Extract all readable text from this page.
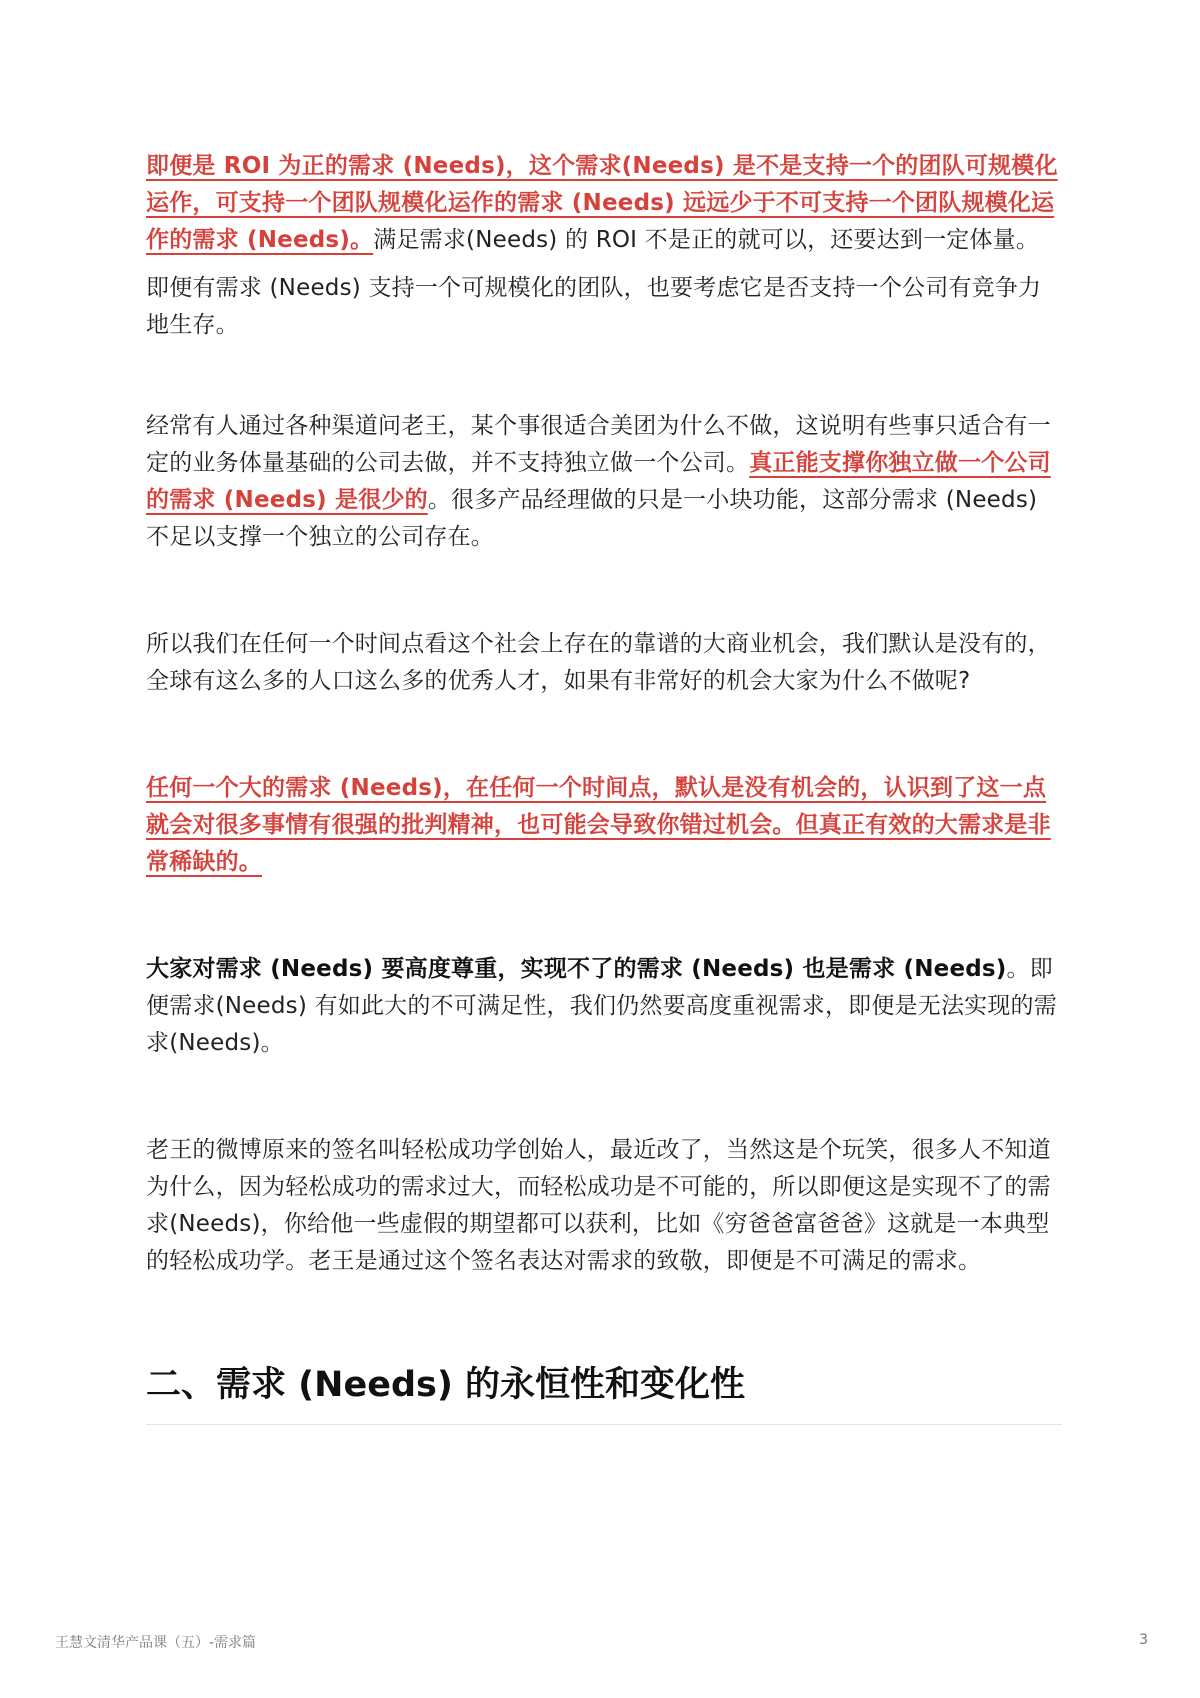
即便是 ROI 为正的需求 (Needs)，这个需求(Needs) 是不是支持一个的团队可规模化运作，可支持一个团队规模化运作的需求 (Needs) 远远少于不可支持一个团队规模化运作的需求 (Needs)。满足需求(Needs) 的 ROI 不是正的就可以，还要达到一定体量。

即便有需求 (Needs) 支持一个可规模化的团队，也要考虑它是否支持一个公司有竞争力地生存。

经常有人通过各种渠道问老王，某个事很适合美团为什么不做，这说明有些事只适合有一定的业务体量基础的公司去做，并不支持独立做一个公司。真正能支撑你独立做一个公司的需求 (Needs) 是很少的。很多产品经理做的只是一小块功能，这部分需求 (Needs) 不足以支撑一个独立的公司存在。

所以我们在任何一个时间点看这个社会上存在的靠谱的大商业机会，我们默认是没有的，全球有这么多的人口这么多的优秀人才，如果有非常好的机会大家为什么不做呢?

任何一个大的需求 (Needs)，在任何一个时间点，默认是没有机会的，认识到了这一点就会对很多事情有很强的批判精神，也可能会导致你错过机会。但真正有效的大需求是非常稀缺的。

大家对需求 (Needs) 要高度尊重，实现不了的需求 (Needs) 也是需求 (Needs)。即便需求(Needs) 有如此大的不可满足性，我们仍然要高度重视需求，即便是无法实现的需求(Needs)。

老王的微博原来的签名叫轻松成功学创始人，最近改了，当然这是个玩笑，很多人不知道为什么，因为轻松成功的需求过大，而轻松成功是不可能的，所以即便这是实现不了的需求(Needs)，你给他一些虚假的期望都可以获利，比如《穷爸爸富爸爸》这就是一本典型的轻松成功学。老王是通过这个签名表达对需求的致敬，即便是不可满足的需求。

二、需求 (Needs) 的永恒性和变化性
王慧文清华产品课（五）-需求篇	3
